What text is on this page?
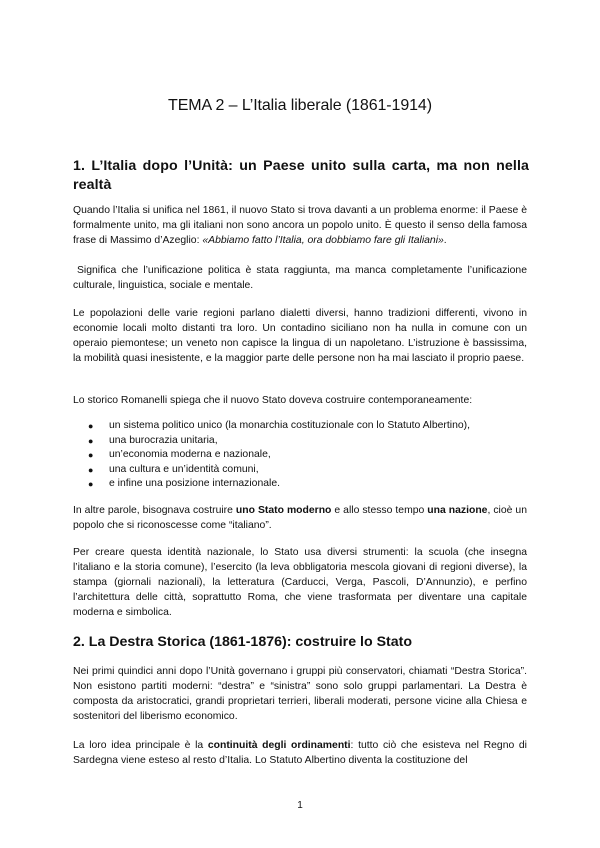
TEMA 2 – L’Italia liberale (1861‑1914)
1. L’Italia dopo l’Unità: un Paese unito sulla carta, ma non nella realtà

Quando l’Italia si unifica nel 1861, il nuovo Stato si trova davanti a un problema enorme: il Paese è formalmente unito, ma gli italiani non sono ancora un popolo unito. È questo il senso della famosa frase di Massimo d’Azeglio: «Abbiamo fatto l’Italia, ora dobbiamo fare gli Italiani».

Significa che l’unificazione politica è stata raggiunta, ma manca completamente l’unificazione culturale, linguistica, sociale e mentale.

Le popolazioni delle varie regioni parlano dialetti diversi, hanno tradizioni differenti, vivono in economie locali molto distanti tra loro. Un contadino siciliano non ha nulla in comune con un operaio piemontese; un veneto non capisce la lingua di un napoletano. L’istruzione è bassissima, la mobilità quasi inesistente, e la maggior parte delle persone non ha mai lasciato il proprio paese.

Lo storico Romanelli spiega che il nuovo Stato doveva costruire contemporaneamente:

● un sistema politico unico (la monarchia costituzionale con lo Statuto Albertino),
● una burocrazia unitaria,
● un’economia moderna e nazionale,
● una cultura e un’identità comuni,
● e infine una posizione internazionale.

In altre parole, bisognava costruire uno Stato moderno e allo stesso tempo una nazione, cioè un popolo che si riconoscesse come “italiano”.

Per creare questa identità nazionale, lo Stato usa diversi strumenti: la scuola (che insegna l’italiano e la storia comune), l’esercito (la leva obbligatoria mescola giovani di regioni diverse), la stampa (giornali nazionali), la letteratura (Carducci, Verga, Pascoli, D’Annunzio), e perfino l’architettura delle città, soprattutto Roma, che viene trasformata per diventare una capitale moderna e simbolica.

2. La Destra Storica (1861‑1876): costruire lo Stato

Nei primi quindici anni dopo l’Unità governano i gruppi più conservatori, chiamati “Destra Storica”. Non esistono partiti moderni: “destra” e “sinistra” sono solo gruppi parlamentari. La Destra è composta da aristocratici, grandi proprietari terrieri, liberali moderati, persone vicine alla Chiesa e sostenitori del liberismo economico.

La loro idea principale è la continuità degli ordinamenti: tutto ciò che esisteva nel Regno di Sardegna viene esteso al resto d’Italia. Lo Statuto Albertino diventa la costituzione del

1
